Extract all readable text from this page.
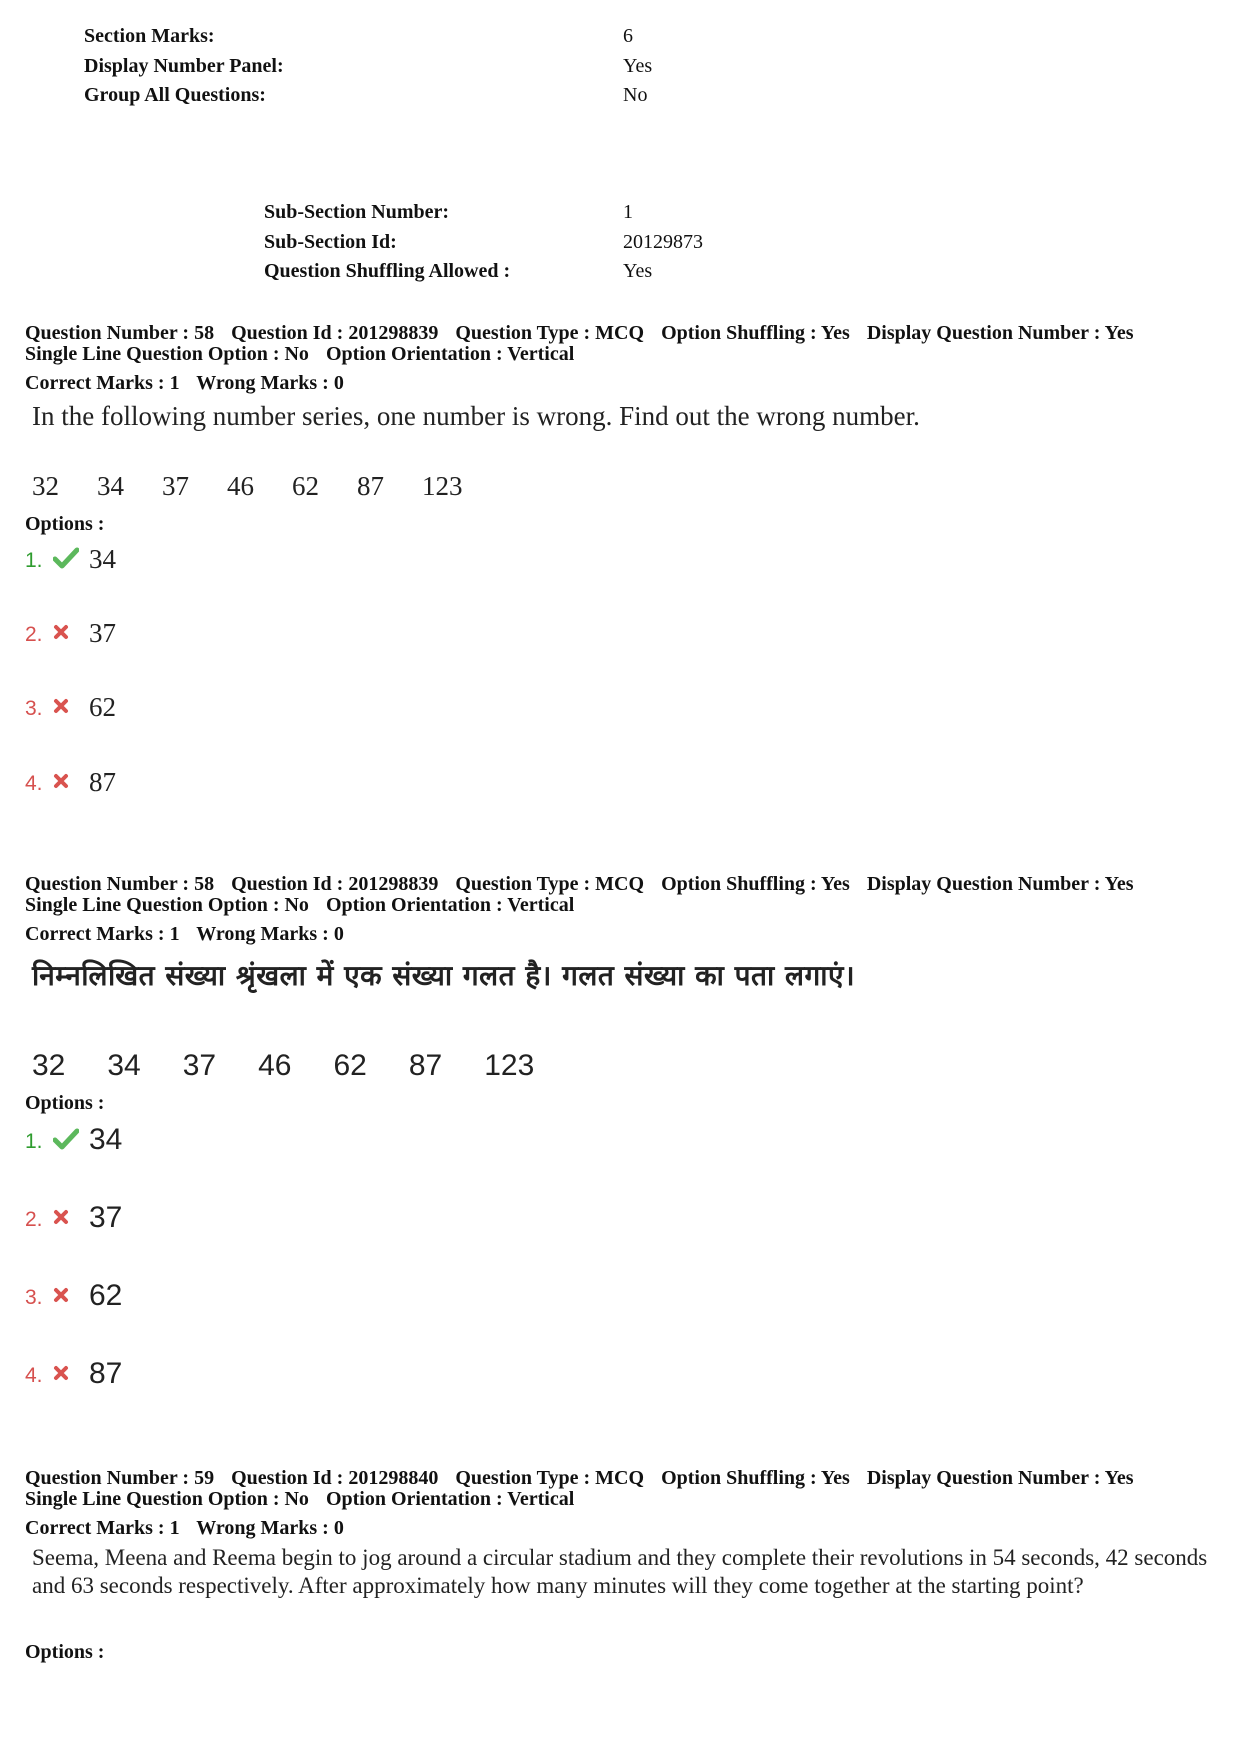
Section Marks:	6
Display Number Panel:	Yes
Group All Questions:	No
Sub-Section Number:	1
Sub-Section Id:	20129873
Question Shuffling Allowed :	Yes
Question Number : 58 Question Id : 201298839 Question Type : MCQ Option Shuffling : Yes Display Question Number : Yes
Single Line Question Option : No Option Orientation : Vertical
Correct Marks : 1 Wrong Marks : 0
In the following number series, one number is wrong. Find out the wrong number.
32 34 37 46 62 87 123
Options :
1.	34
2.	37
3.	62
4.	87
Question Number : 58 Question Id : 201298839 Question Type : MCQ Option Shuffling : Yes Display Question Number : Yes
Single Line Question Option : No Option Orientation : Vertical
Correct Marks : 1 Wrong Marks : 0
निम्नलिखित संख्या श्रृंखला में एक संख्या गलत है। गलत संख्या का पता लगाएं।
32 34 37 46 62 87 123
Options :
1.	34
2.	37
3.	62
4.	87
Question Number : 59 Question Id : 201298840 Question Type : MCQ Option Shuffling : Yes Display Question Number : Yes
Single Line Question Option : No Option Orientation : Vertical
Correct Marks : 1 Wrong Marks : 0
Seema, Meena and Reema begin to jog around a circular stadium and they complete their revolutions in 54 seconds, 42 seconds and 63 seconds respectively. After approximately how many minutes will they come together at the starting point?
Options :
